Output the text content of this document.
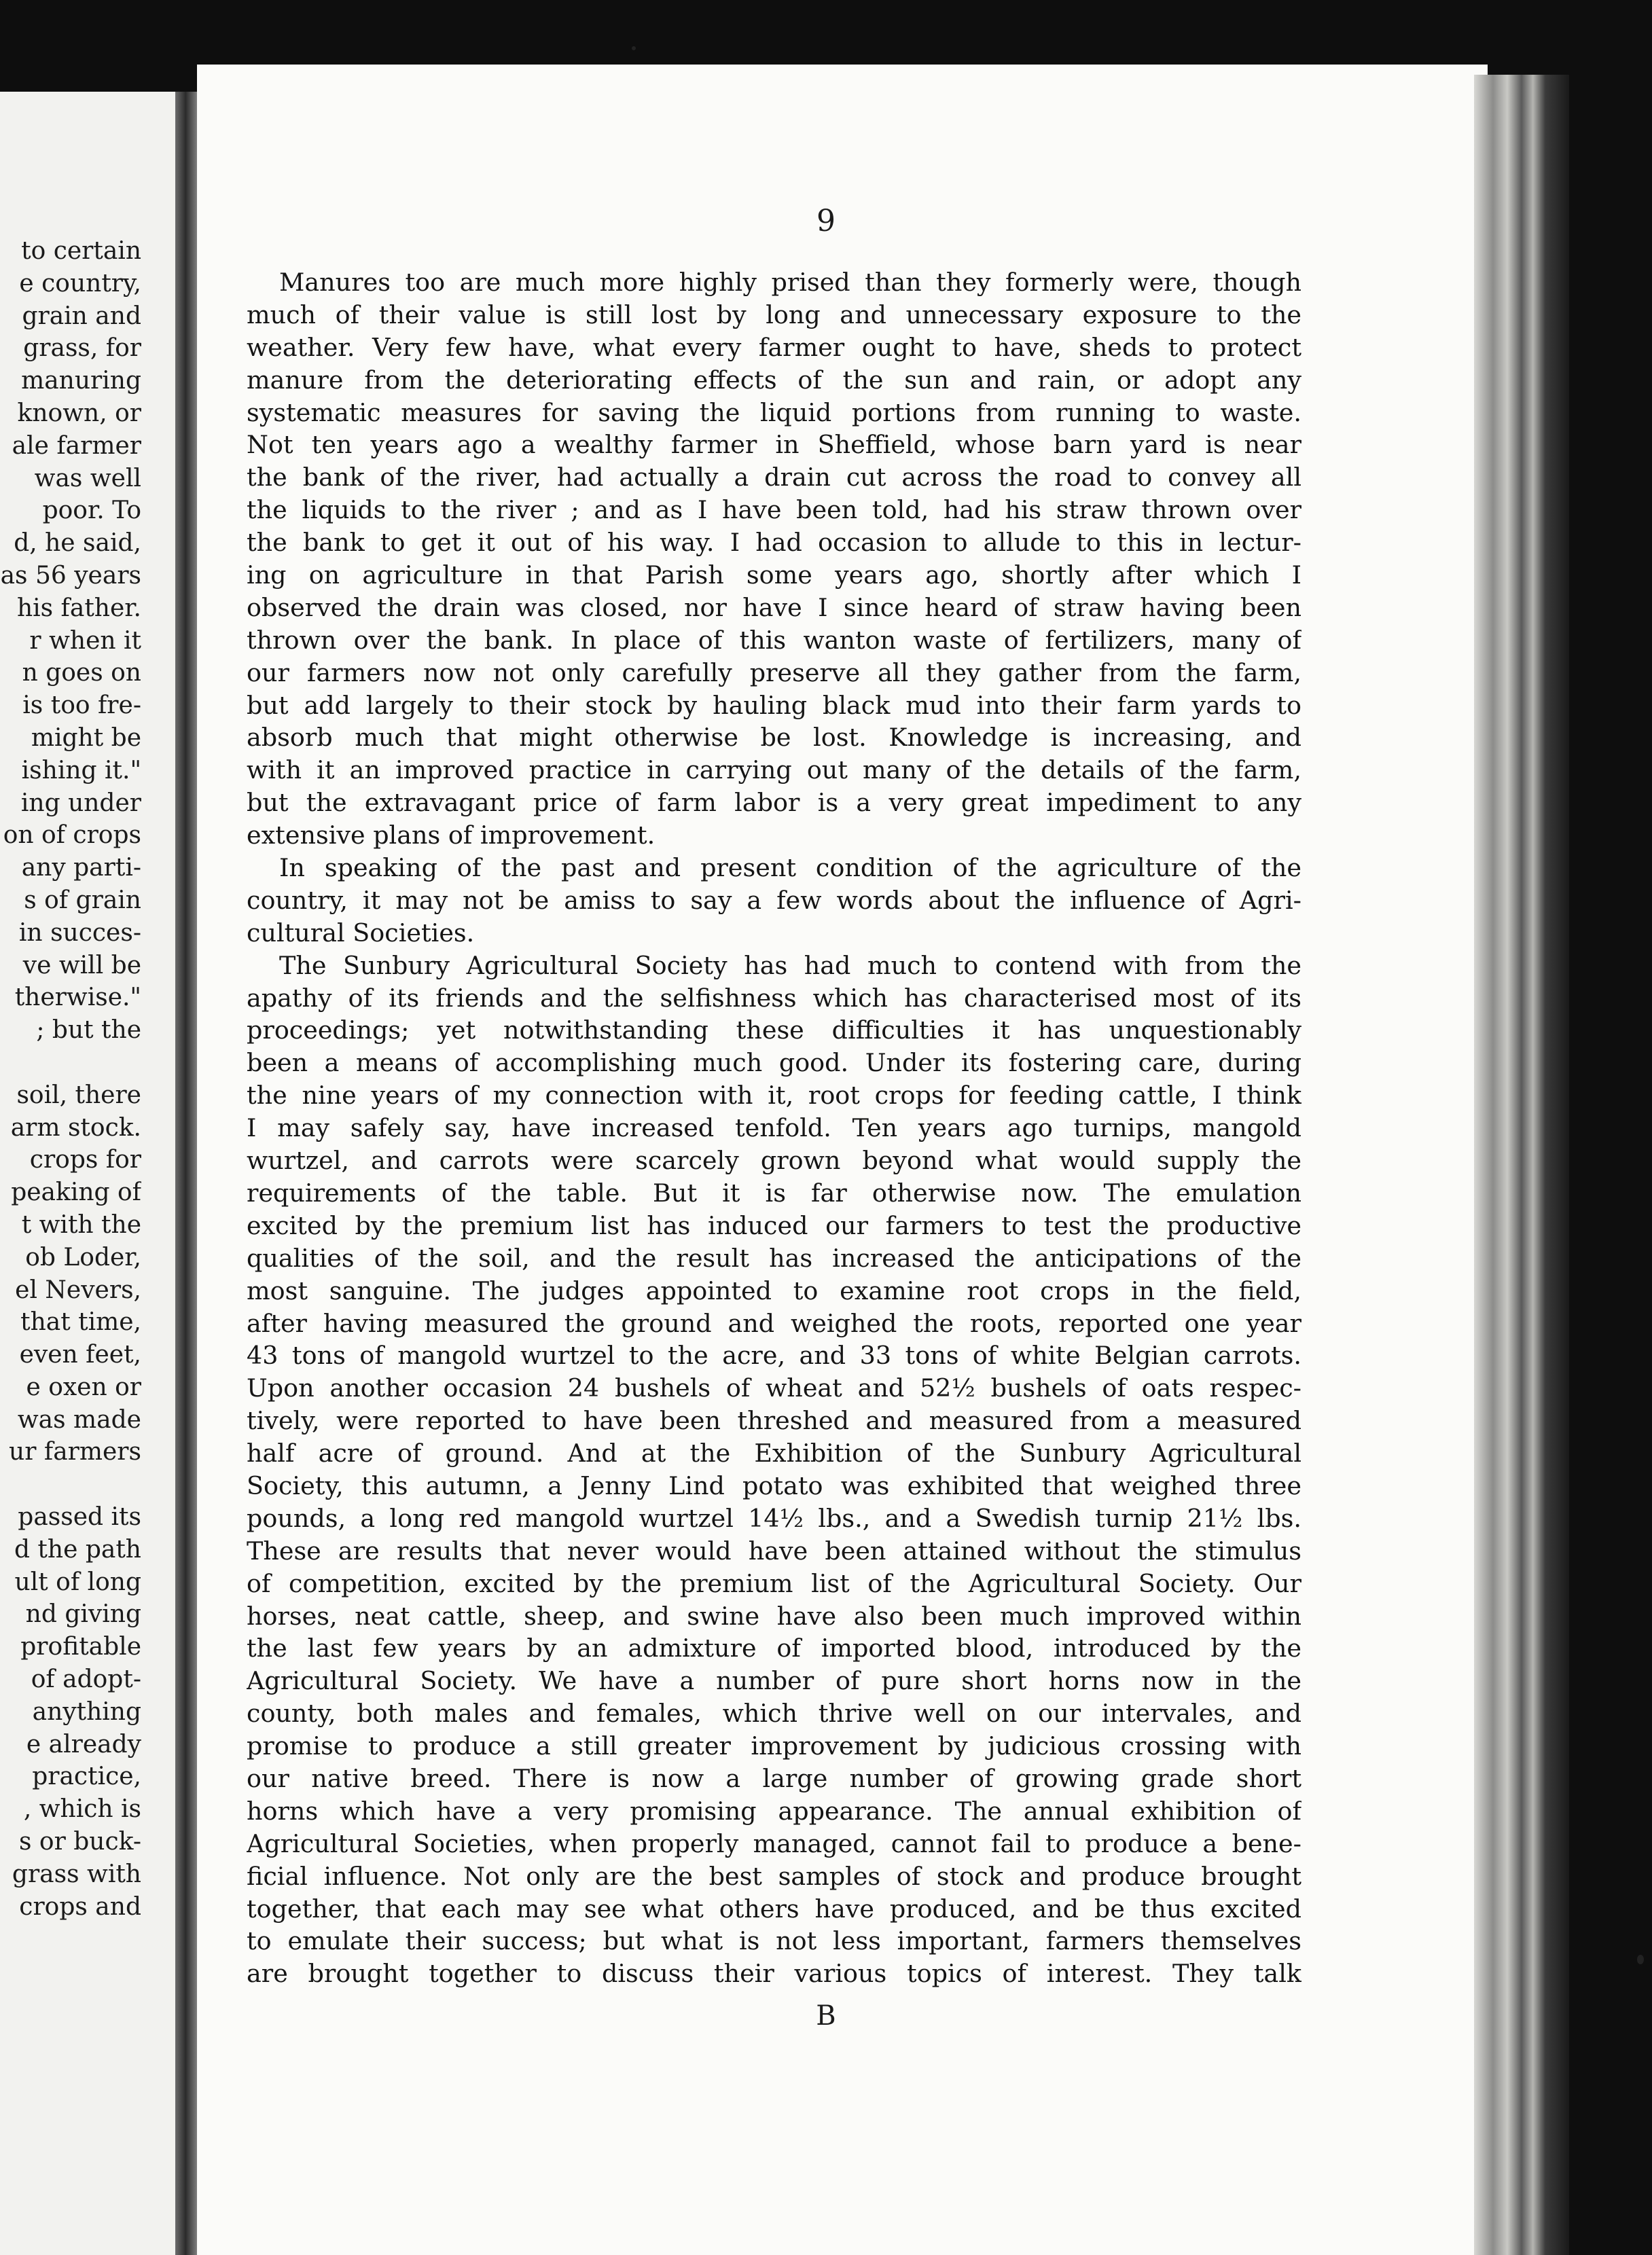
to certain
e country,
grain and
grass, for
manuring
known, or
ale farmer
was well
poor. To
d, he said,
as 56 years
his father.
r when it
n goes on
is too fre-
might be
ishing it."
ing under
on of crops
any parti-
s of grain
in succes-
ve will be
therwise."
; but the

soil, there
arm stock.
crops for
peaking of
t with the
ob Loder,
el Nevers,
that time,
even feet,
e oxen or
was made
ur farmers

passed its
d the path
ult of long
nd giving
profitable
of adopt-
anything
e already
practice,
, which is
s or buck-
grass with
crops and
9
Manures too are much more highly prised than they formerly were, though
much of their value is still lost by long and unnecessary exposure to the
weather. Very few have, what every farmer ought to have, sheds to protect
manure from the deteriorating effects of the sun and rain, or adopt any
systematic measures for saving the liquid portions from running to waste.
Not ten years ago a wealthy farmer in Sheffield, whose barn yard is near
the bank of the river, had actually a drain cut across the road to convey all
the liquids to the river ; and as I have been told, had his straw thrown over
the bank to get it out of his way. I had occasion to allude to this in lectur-
ing on agriculture in that Parish some years ago, shortly after which I
observed the drain was closed, nor have I since heard of straw having been
thrown over the bank. In place of this wanton waste of fertilizers, many of
our farmers now not only carefully preserve all they gather from the farm,
but add largely to their stock by hauling black mud into their farm yards to
absorb much that might otherwise be lost. Knowledge is increasing, and
with it an improved practice in carrying out many of the details of the farm,
but the extravagant price of farm labor is a very great impediment to any
extensive plans of improvement.
In speaking of the past and present condition of the agriculture of the
country, it may not be amiss to say a few words about the influence of Agri-
cultural Societies.
The Sunbury Agricultural Society has had much to contend with from the
apathy of its friends and the selfishness which has characterised most of its
proceedings; yet notwithstanding these difficulties it has unquestionably
been a means of accomplishing much good. Under its fostering care, during
the nine years of my connection with it, root crops for feeding cattle, I think
I may safely say, have increased tenfold. Ten years ago turnips, mangold
wurtzel, and carrots were scarcely grown beyond what would supply the
requirements of the table. But it is far otherwise now. The emulation
excited by the premium list has induced our farmers to test the productive
qualities of the soil, and the result has increased the anticipations of the
most sanguine. The judges appointed to examine root crops in the field,
after having measured the ground and weighed the roots, reported one year
43 tons of mangold wurtzel to the acre, and 33 tons of white Belgian carrots.
Upon another occasion 24 bushels of wheat and 52½ bushels of oats respec-
tively, were reported to have been threshed and measured from a measured
half acre of ground. And at the Exhibition of the Sunbury Agricultural
Society, this autumn, a Jenny Lind potato was exhibited that weighed three
pounds, a long red mangold wurtzel 14½ lbs., and a Swedish turnip 21½ lbs.
These are results that never would have been attained without the stimulus
of competition, excited by the premium list of the Agricultural Society. Our
horses, neat cattle, sheep, and swine have also been much improved within
the last few years by an admixture of imported blood, introduced by the
Agricultural Society. We have a number of pure short horns now in the
county, both males and females, which thrive well on our intervales, and
promise to produce a still greater improvement by judicious crossing with
our native breed. There is now a large number of growing grade short
horns which have a very promising appearance. The annual exhibition of
Agricultural Societies, when properly managed, cannot fail to produce a bene-
ficial influence. Not only are the best samples of stock and produce brought
together, that each may see what others have produced, and be thus excited
to emulate their success; but what is not less important, farmers themselves
are brought together to discuss their various topics of interest. They talk
B
